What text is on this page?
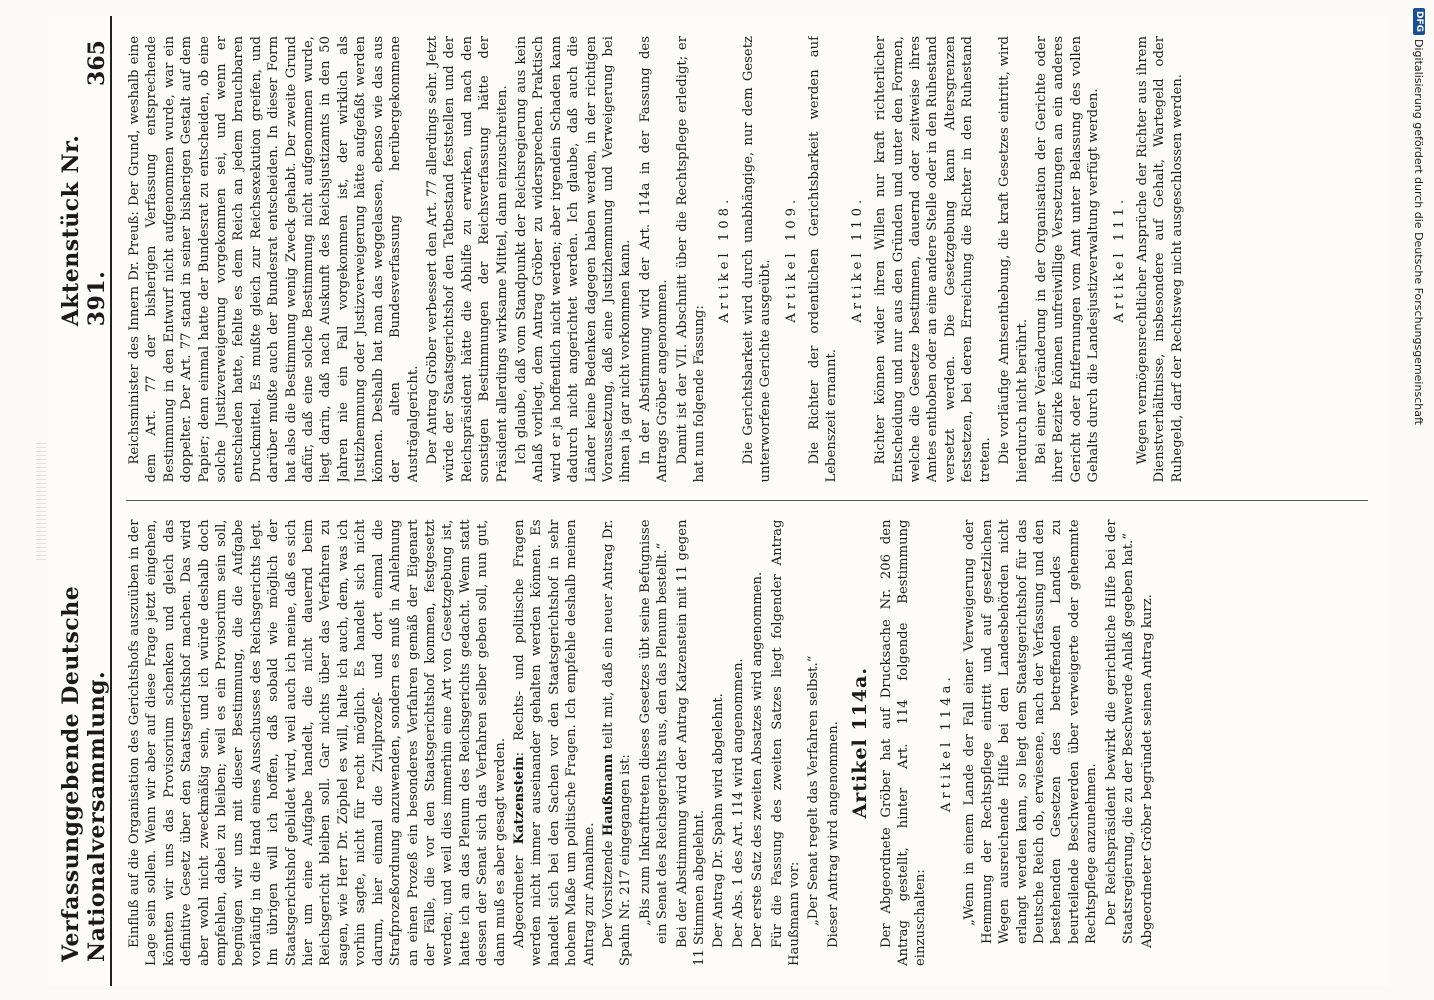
Verfassunggebende Deutsche Nationalversammlung.
Aktenstück Nr. 391.
365

Einfluß auf die Organisation des Gerichtshofs auszuüben in der Lage sein sollen. Wenn wir aber auf diese Frage jetzt eingehen, könnten wir uns das Provisorium schenken und gleich das definitive Gesetz über den Staatsgerichtshof machen. Das wird aber wohl nicht zweckmäßig sein, und ich würde deshalb doch empfehlen, dabei zu bleiben; weil es ein Provisorium sein soll, begnügen wir uns mit dieser Bestimmung, die die Aufgabe vorläufig in die Hand eines Ausschusses des Reichsgerichts legt. Im übrigen will ich hoffen, daß sobald wie möglich der Staatsgerichtshof gebildet wird, weil auch ich meine, daß es sich hier um eine Aufgabe handelt, die nicht dauernd beim Reichsgericht bleiben soll. Gar nichts über das Verfahren zu sagen, wie Herr Dr. Zöphel es will, halte ich auch, dem, was ich vorhin sagte, nicht für recht möglich. Es handelt sich nicht darum, hier einmal die Zivilprozeß- und dort einmal die Strafprozeßordnung anzuwenden, sondern es muß in Anlehnung an einen Prozeß ein besonderes Verfahren gemäß der Eigenart der Fälle, die vor den Staatsgerichtshof kommen, festgesetzt werden; und weil dies immerhin eine Art von Gesetzgebung ist, hatte ich an das Plenum des Reichsgerichts gedacht. Wenn statt dessen der Senat sich das Verfahren selber geben soll, nun gut, dann muß es aber gesagt werden. Abgeordneter Katzenstein: Rechts- und politische Fragen werden nicht immer auseinander gehalten werden können. Es handelt sich bei den Sachen vor den Staatsgerichtshof in sehr hohem Maße um politische Fragen. Ich empfehle deshalb meinen Antrag zur Annahme. Der Vorsitzende Haußmann teilt mit, daß ein neuer Antrag Dr. Spahn Nr. 217 eingegangen ist: „Bis zum Inkrafttreten dieses Gesetzes übt seine Befugnisse ein Senat des Reichsgerichts aus, den das Plenum bestellt.“ Bei der Abstimmung wird der Antrag Katzenstein mit 11 gegen 11 Stimmen abgelehnt. Der Antrag Dr. Spahn wird abgelehnt. Der Abs. 1 des Art. 114 wird angenommen. Der erste Satz des zweiten Absatzes wird angenommen. Für die Fassung des zweiten Satzes liegt folgender Antrag Haußmann vor: „Der Senat regelt das Verfahren selbst.“ Dieser Antrag wird angenommen. Artikel 114a. Der Abgeordnete Gröber hat auf Drucksache Nr. 206 den Antrag gestellt, hinter Art. 114 folgende Bestimmung einzuschalten:

Artikel 114a. „Wenn in einem Lande der Fall einer Verweigerung oder Hemmung der Rechtspflege eintritt und auf gesetzlichen Wegen ausreichende Hilfe bei den Landesbehörden nicht erlangt werden kann, so liegt dem Staatsgerichtshof für das Deutsche Reich ob, erwiesene, nach der Verfassung und den bestehenden Gesetzen des betreffenden Landes zu beurteilende Beschwerden über verweigerte oder gehemmte Rechtspflege anzunehmen. Der Reichspräsident bewirkt die gerichtliche Hilfe bei der Staatsregierung, die zu der Beschwerde Anlaß gegeben hat.“ Abgeordneter Gröber begründet seinen Antrag kurz.

Reichsminister des Innern Dr. Preuß: Der Grund, weshalb eine dem Art. 77 der bisherigen Verfassung entsprechende Bestimmung in den Entwurf nicht aufgenommen wurde, war ein doppelter. Der Art. 77 stand in seiner bisherigen Gestalt auf dem Papier; denn einmal hatte der Bundesrat zu entscheiden, ob eine solche Justizverweigerung vorgekommen sei, und wenn er entschieden hatte, fehlte es dem Reich an jedem brauchbaren Druckmittel. Es mußte gleich zur Reichsexekution greifen, und darüber mußte auch der Bundesrat entscheiden. In dieser Form hat also die Bestimmung wenig Zweck gehabt. Der zweite Grund dafür, daß eine solche Bestimmung nicht aufgenommen wurde, liegt darin, daß nach Auskunft des Reichsjustizamts in den 50 Jahren nie ein Fall vorgekommen ist, der wirklich als Justizhemmung oder Justizverweigerung hätte aufgefaßt werden können. Deshalb hat man das weggelassen, ebenso wie das aus der alten Bundesverfassung herübergekommene Austrägalgericht. Der Antrag Gröber verbessert den Art. 77 allerdings sehr. Jetzt würde der Staatsgerichtshof den Tatbestand feststellen und der Reichspräsident hätte die Abhilfe zu erwirken, und nach den sonstigen Bestimmungen der Reichsverfassung hätte der Präsident allerdings wirksame Mittel, dann einzuschreiten. Ich glaube, daß vom Standpunkt der Reichsregierung aus kein Anlaß vorliegt, dem Antrag Gröber zu widersprechen. Praktisch wird er ja hoffentlich nicht werden; aber irgendein Schaden kann dadurch nicht angerichtet werden. Ich glaube, daß auch die Länder keine Bedenken dagegen haben werden, in der richtigen Voraussetzung, daß eine Justizhemmung und Verweigerung bei ihnen ja gar nicht vorkommen kann. In der Abstimmung wird der Art. 114a in der Fassung des Antrags Gröber angenommen. Damit ist der VII. Abschnitt über die Rechtspflege erledigt; er hat nun folgende Fassung:

Artikel 108. Die Gerichtsbarkeit wird durch unabhängige, nur dem Gesetz unterworfene Gerichte ausgeübt.

Artikel 109. Die Richter der ordentlichen Gerichtsbarkeit werden auf Lebenszeit ernannt.

Artikel 110. Richter können wider ihren Willen nur kraft richterlicher Entscheidung und nur aus den Gründen und unter den Formen, welche die Gesetze bestimmen, dauernd oder zeitweise ihres Amtes enthoben oder an eine andere Stelle oder in den Ruhestand versetzt werden. Die Gesetzgebung kann Altersgrenzen festsetzen, bei deren Erreichung die Richter in den Ruhestand treten. Die vorläufige Amtsenthebung, die kraft Gesetzes eintritt, wird hierdurch nicht berührt. Bei einer Veränderung in der Organisation der Gerichte oder ihrer Bezirke können unfreiwillige Versetzungen an ein anderes Gericht oder Entfernungen vom Amt unter Belassung des vollen Gehalts durch die Landesjustizverwaltung verfügt werden. Artikel 111. Wegen vermögensrechtlicher Ansprüche der Richter aus ihrem Dienstverhältnisse, insbesondere auf Gehalt, Wartegeld oder Ruhegeld, darf der Rechtsweg nicht ausgeschlossen werden.

DFG
Digitalisierung gefördert durch die Deutsche Forschungsgemeinschaft
